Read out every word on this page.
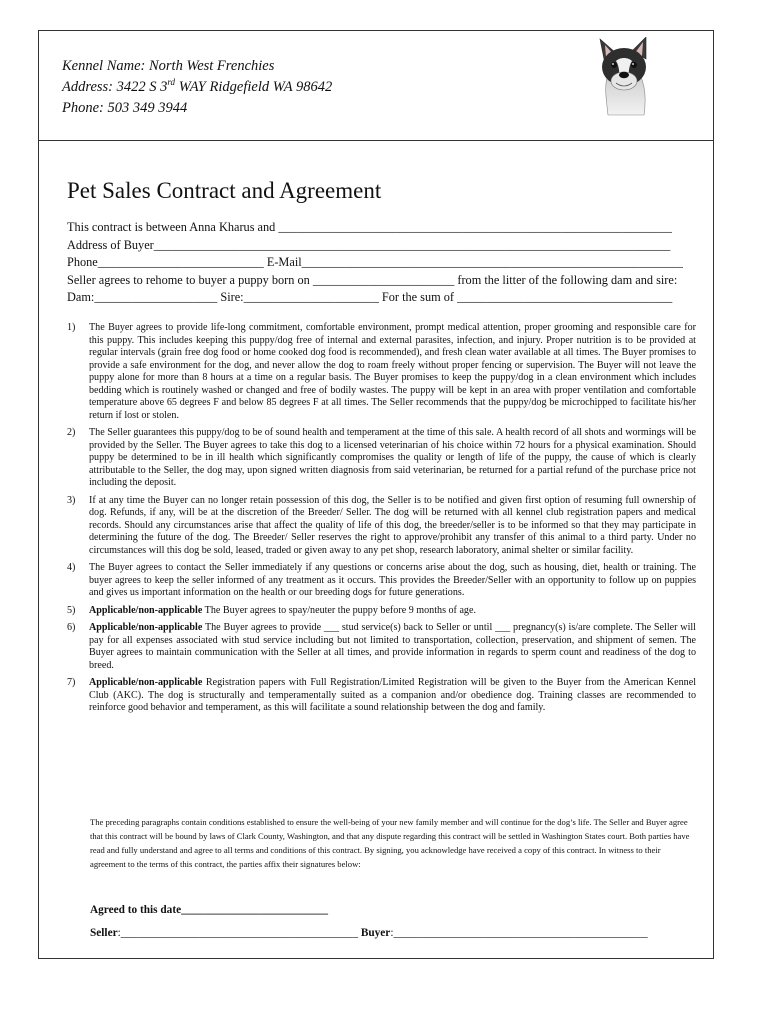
Kennel Name: North West Frenchies
Address: 3422 S 3rd WAY Ridgefield WA 98642
Phone: 503 349 3944
Pet Sales Contract and Agreement
This contract is between Anna Kharus and ________________________________________________________________
Address of Buyer____________________________________________________________________________________
Phone___________________________ E-Mail______________________________________________________________
Seller agrees to rehome to buyer a puppy born on _______________________ from the litter of the following dam and sire:
Dam:____________________ Sire:______________________ For the sum of ___________________________________
1)	The Buyer agrees to provide life-long commitment, comfortable environment, prompt medical attention, proper grooming and responsible care for this puppy. This includes keeping this puppy/dog free of internal and external parasites, infection, and injury. Proper nutrition is to be provided at regular intervals (grain free dog food or home cooked dog food is recommended), and fresh clean water available at all times. The Buyer promises to provide a safe environment for the dog, and never allow the dog to roam freely without proper fencing or supervision. The Buyer will not leave the puppy alone for more than 8 hours at a time on a regular basis. The Buyer promises to keep the puppy/dog in a clean environment which includes bedding which is routinely washed or changed and free of bodily wastes. The puppy will be kept in an area with proper ventilation and comfortable temperature above 65 degrees F and below 85 degrees F at all times. The Seller recommends that the puppy/dog be microchipped to facilitate his/her return if lost or stolen.
2)	The Seller guarantees this puppy/dog to be of sound health and temperament at the time of this sale. A health record of all shots and wormings will be provided by the Seller. The Buyer agrees to take this dog to a licensed veterinarian of his choice within 72 hours for a physical examination. Should puppy be determined to be in ill health which significantly compromises the quality or length of life of the puppy, the cause of which is clearly attributable to the Seller, the dog may, upon signed written diagnosis from said veterinarian, be returned for a partial refund of the purchase price not including the deposit.
3)	If at any time the Buyer can no longer retain possession of this dog, the Seller is to be notified and given first option of resuming full ownership of dog. Refunds, if any, will be at the discretion of the Breeder/ Seller. The dog will be returned with all kennel club registration papers and medical records. Should any circumstances arise that affect the quality of life of this dog, the breeder/seller is to be informed so that they may participate in determining the future of the dog. The Breeder/ Seller reserves the right to approve/prohibit any transfer of this animal to a third party. Under no circumstances will this dog be sold, leased, traded or given away to any pet shop, research laboratory, animal shelter or similar facility.
4)	The Buyer agrees to contact the Seller immediately if any questions or concerns arise about the dog, such as housing, diet, health or training. The buyer agrees to keep the seller informed of any treatment as it occurs. This provides the Breeder/Seller with an opportunity to follow up on puppies and gives us important information on the health or our breeding dogs for future generations.
5)	Applicable/non-applicable The Buyer agrees to spay/neuter the puppy before 9 months of age.
6)	Applicable/non-applicable The Buyer agrees to provide ___ stud service(s) back to Seller or until ___ pregnancy(s) is/are complete. The Seller will pay for all expenses associated with stud service including but not limited to transportation, collection, preservation, and shipment of semen. The Buyer agrees to maintain communication with the Seller at all times, and provide information in regards to sperm count and readiness of the dog to breed.
7)	Applicable/non-applicable Registration papers with Full Registration/Limited Registration will be given to the Buyer from the American Kennel Club (AKC). The dog is structurally and temperamentally suited as a companion and/or obedience dog. Training classes are recommended to reinforce good behavior and temperament, as this will facilitate a sound relationship between the dog and family.
The preceding paragraphs contain conditions established to ensure the well-being of your new family member and will continue for the dog’s life. The Seller and Buyer agree that this contract will be bound by laws of Clark County, Washington, and that any dispute regarding this contract will be settled in Washington States court. Both parties have read and fully understand and agree to all terms and conditions of this contract. By signing, you acknowledge have received a copy of this contract. In witness to their agreement to the terms of this contract, the parties affix their signatures below:
Agreed to this date__________________________
Seller:__________________________________________ Buyer:_____________________________________________
